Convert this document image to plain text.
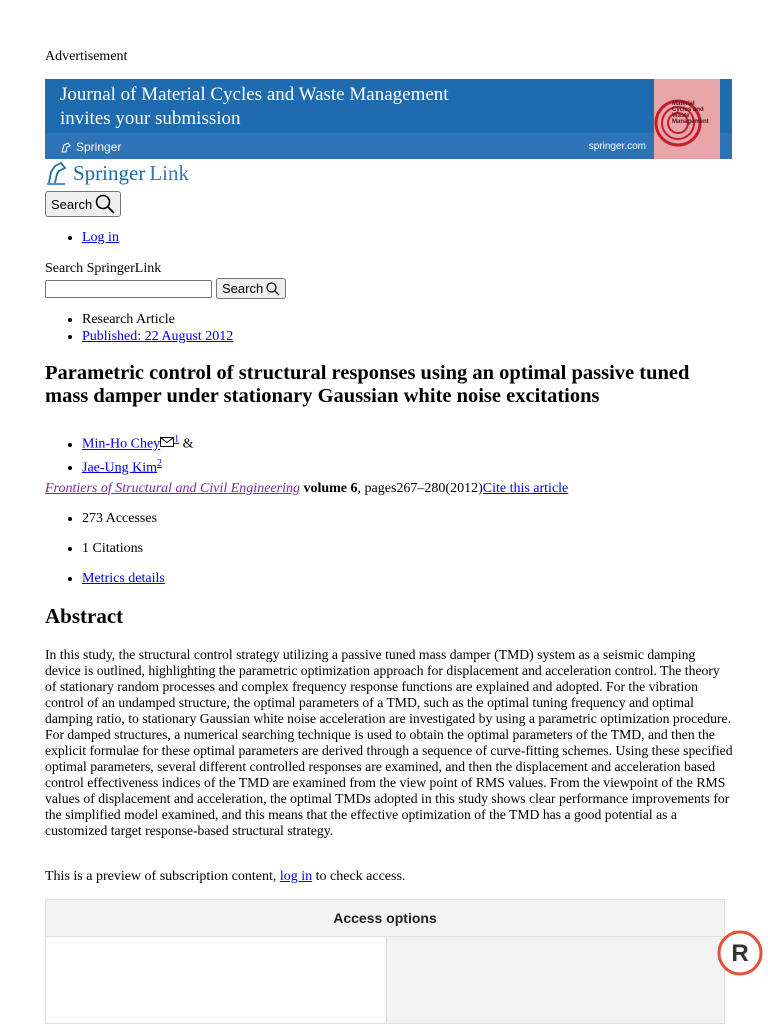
Advertisement
Journal of Material Cycles and Waste Management
invites your submission
Springer	springer.com
Material Cycles and Waste Management
Springer Link
Search
• Log in
Search SpringerLink
Search
• Research Article
• Published: 22 August 2012
Parametric control of structural responses using an optimal passive tuned mass damper under stationary Gaussian white noise excitations
• Min-Ho Chey $^1$ &
• Jae-Ung Kim$^2$
Frontiers of Structural and Civil Engineering volume 6, pages267–280(2012)Cite this article
• 273 Accesses
• 1 Citations
• Metrics details
Abstract

In this study, the structural control strategy utilizing a passive tuned mass damper (TMD) system as a seismic damping device is outlined, highlighting the parametric optimization approach for displacement and acceleration control. The theory of stationary random processes and complex frequency response functions are explained and adopted. For the vibration control of an undamped structure, the optimal parameters of a TMD, such as the optimal tuning frequency and optimal damping ratio, to stationary Gaussian white noise acceleration are investigated by using a parametric optimization procedure. For damped structures, a numerical searching technique is used to obtain the optimal parameters of the TMD, and then the explicit formulae for these optimal parameters are derived through a sequence of curve-fitting schemes. Using these specified optimal parameters, several different controlled responses are examined, and then the displacement and acceleration based control effectiveness indices of the TMD are examined from the view point of RMS values. From the viewpoint of the RMS values of displacement and acceleration, the optimal TMDs adopted in this study shows clear performance improvements for the simplified model examined, and this means that the effective optimization of the TMD has a good potential as a customized target response-based structural strategy.

This is a preview of subscription content, log in to check access.
Access options
R
